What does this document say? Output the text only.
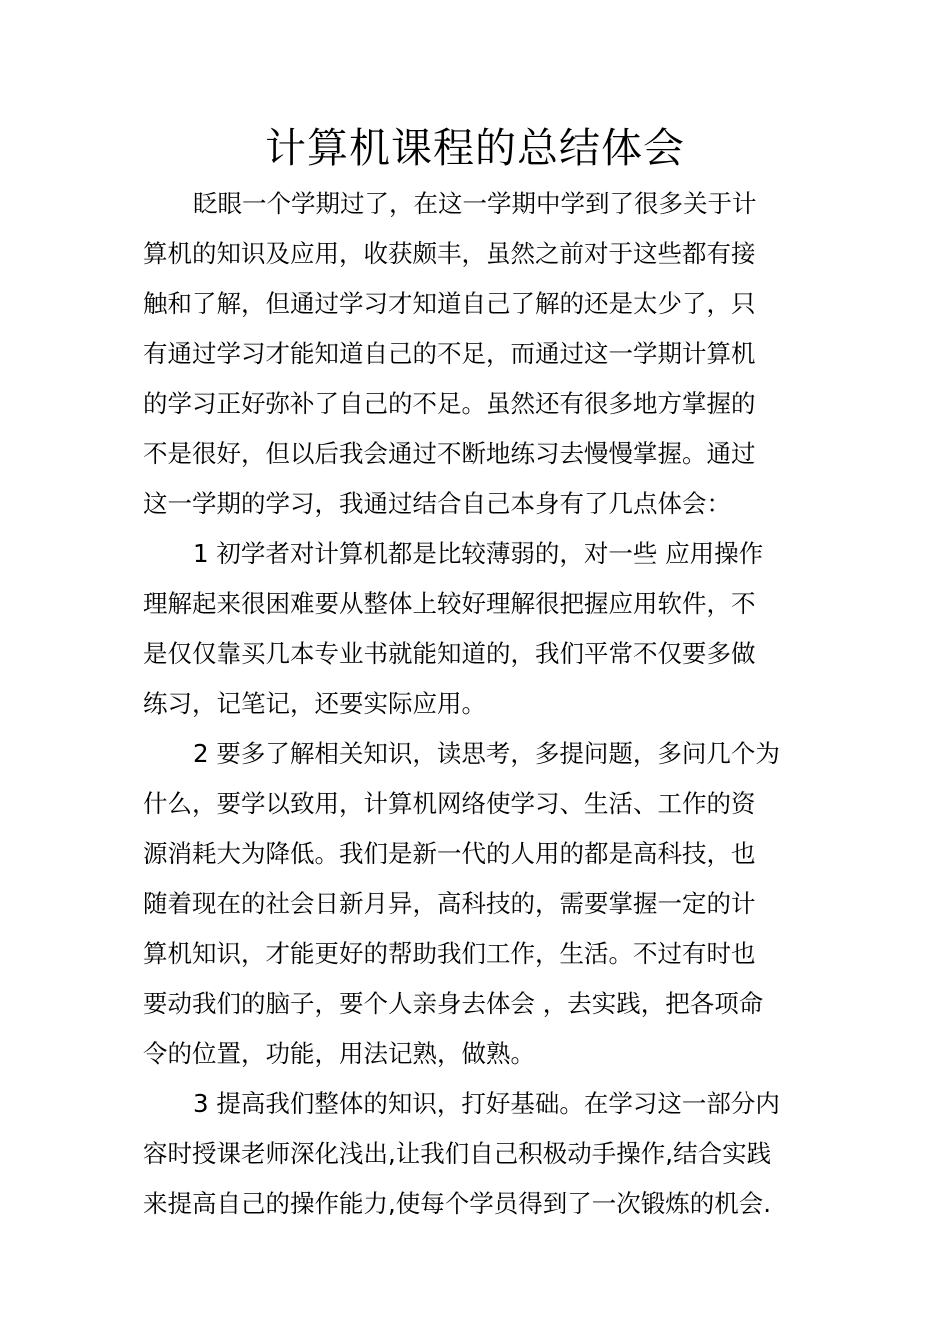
计算机课程的总结体会
眨眼一个学期过了，在这一学期中学到了很多关于计
算机的知识及应用，收获颇丰，虽然之前对于这些都有接
触和了解，但通过学习才知道自己了解的还是太少了，只
有通过学习才能知道自己的不足，而通过这一学期计算机
的学习正好弥补了自己的不足。虽然还有很多地方掌握的
不是很好，但以后我会通过不断地练习去慢慢掌握。通过
这一学期的学习，我通过结合自己本身有了几点体会：
1 初学者对计算机都是比较薄弱的，对一些 应用操作
理解起来很困难要从整体上较好理解很把握应用软件，不
是仅仅靠买几本专业书就能知道的，我们平常不仅要多做
练习，记笔记，还要实际应用。
2 要多了解相关知识，读思考，多提问题，多问几个为
什么，要学以致用，计算机网络使学习、生活、工作的资
源消耗大为降低。我们是新一代的人用的都是高科技，也
随着现在的社会日新月异，高科技的，需要掌握一定的计
算机知识，才能更好的帮助我们工作，生活。不过有时也
要动我们的脑子，要个人亲身去体会 ，去实践，把各项命
令的位置，功能，用法记熟，做熟。
3 提高我们整体的知识，打好基础。在学习这一部分内
容时授课老师深化浅出,让我们自己积极动手操作,结合实践
来提高自己的操作能力,使每个学员得到了一次锻炼的机会.
